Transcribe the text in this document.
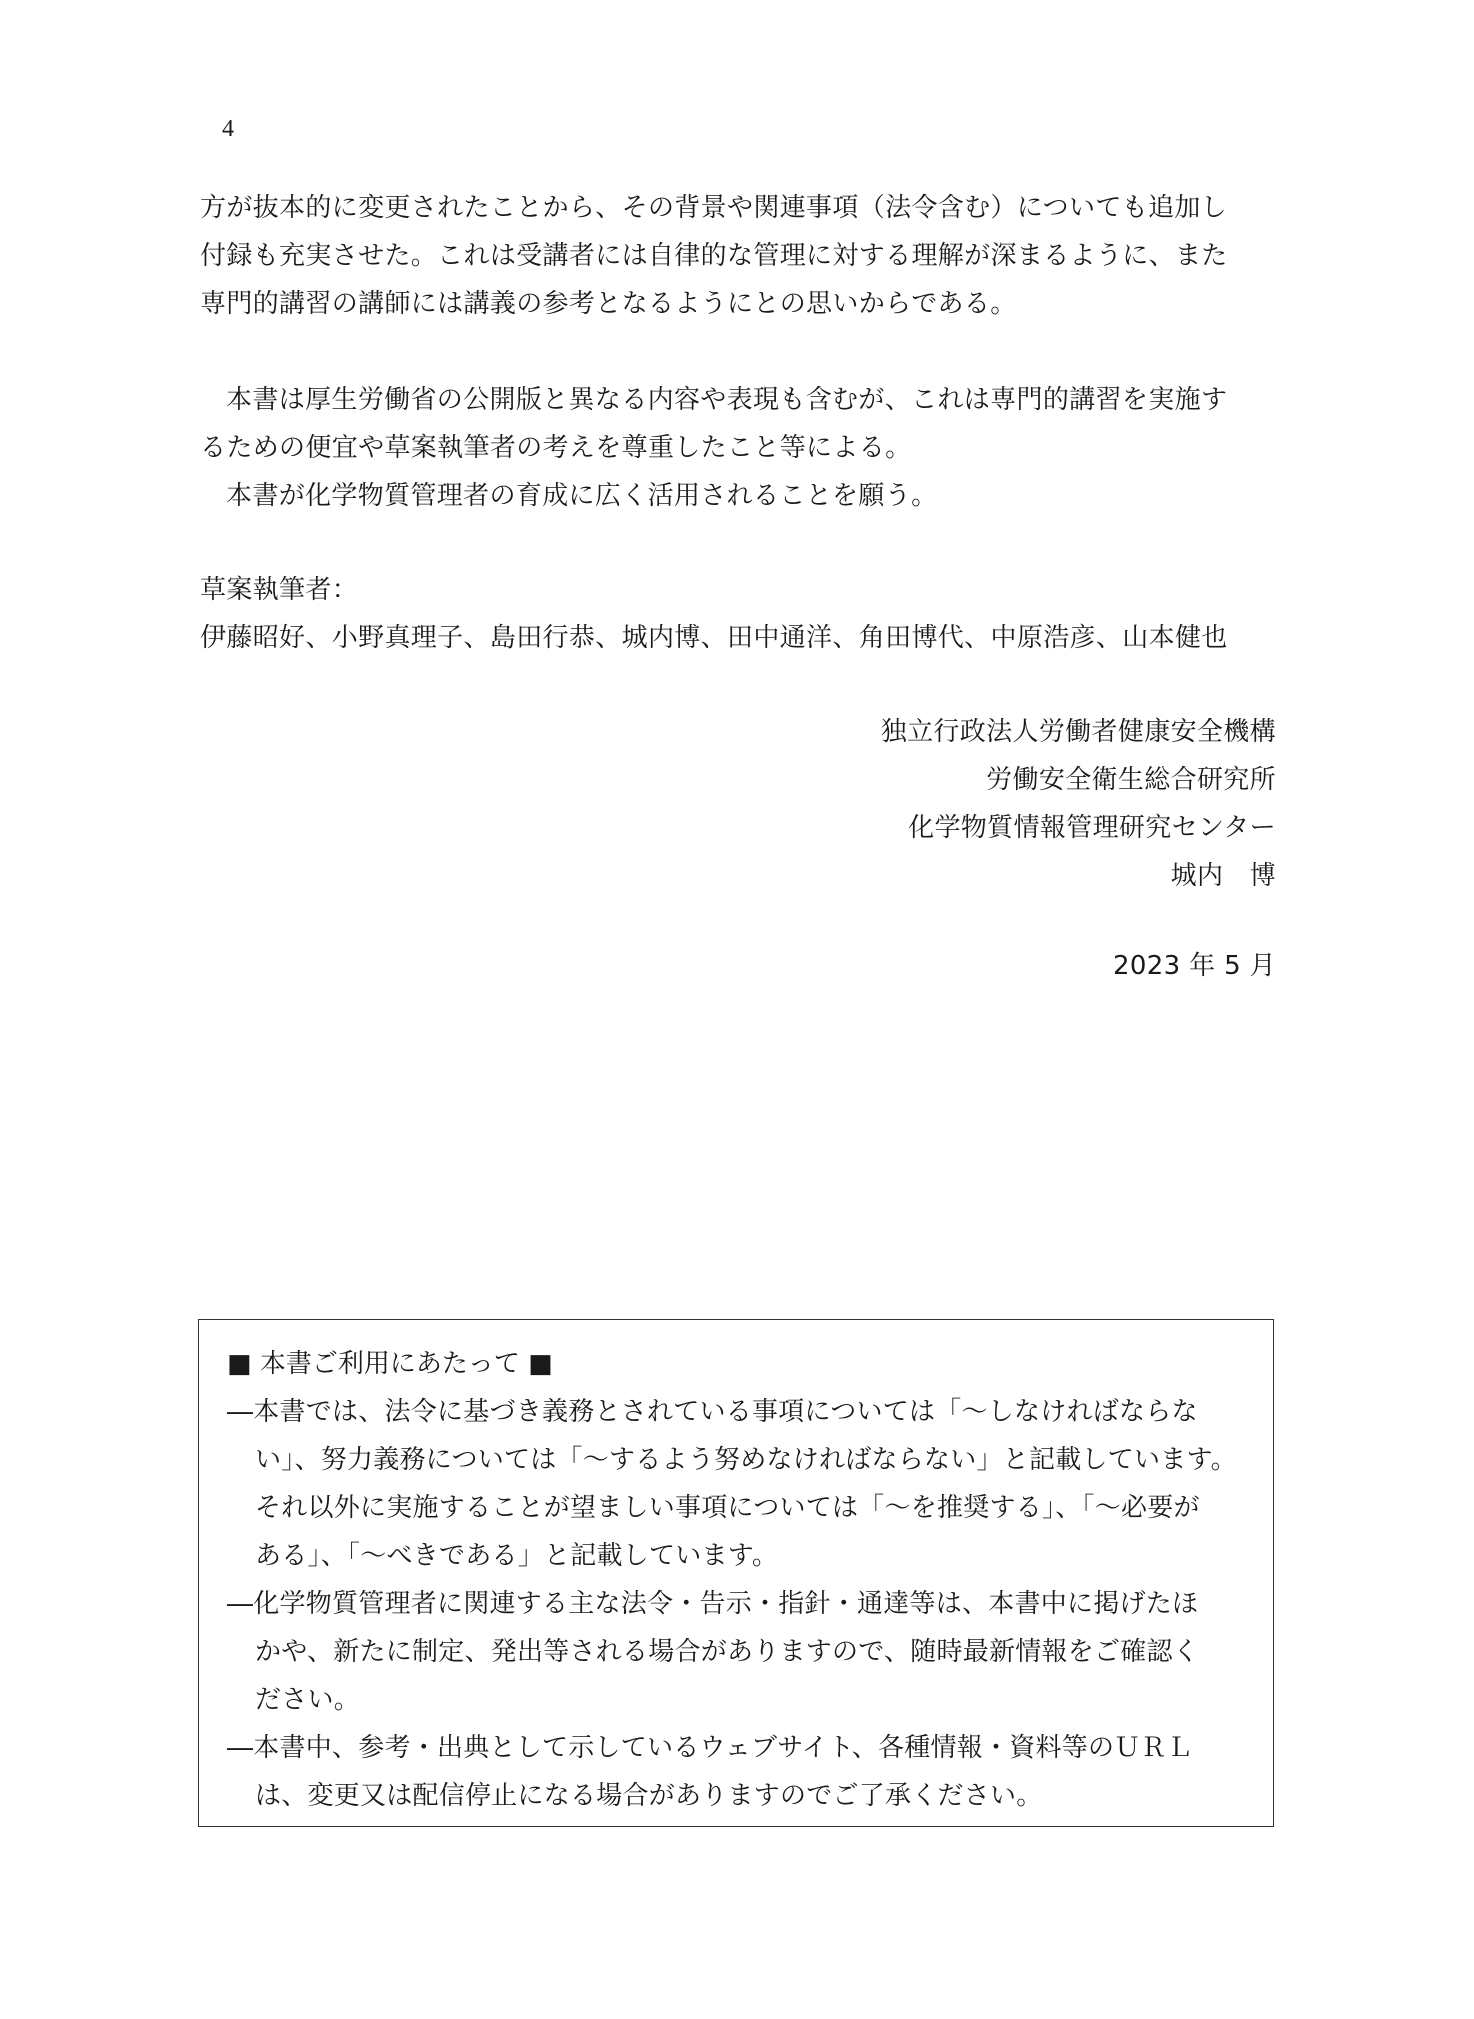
4
方が抜本的に変更されたことから、その背景や関連事項（法令含む）についても追加し
付録も充実させた。これは受講者には自律的な管理に対する理解が深まるように、また
専門的講習の講師には講義の参考となるようにとの思いからである。
本書は厚生労働省の公開版と異なる内容や表現も含むが、これは専門的講習を実施す
るための便宜や草案執筆者の考えを尊重したこと等による。
本書が化学物質管理者の育成に広く活用されることを願う。
草案執筆者：
伊藤昭好、小野真理子、島田行恭、城内博、田中通洋、角田博代、中原浩彦、山本健也
独立行政法人労働者健康安全機構
労働安全衛生総合研究所
化学物質情報管理研究センター
城内　博
2023 年 5 月
■ 本書ご利用にあたって ■
―本書では、法令に基づき義務とされている事項については「～しなければならな
い」、努力義務については「～するよう努めなければならない」と記載しています。
それ以外に実施することが望ましい事項については「～を推奨する」、「～必要が
ある」、「～べきである」と記載しています。
―化学物質管理者に関連する主な法令・告示・指針・通達等は、本書中に掲げたほ
かや、新たに制定、発出等される場合がありますので、随時最新情報をご確認く
ださい。
―本書中、参考・出典として示しているウェブサイト、各種情報・資料等のＵＲＬ
は、変更又は配信停止になる場合がありますのでご了承ください。
